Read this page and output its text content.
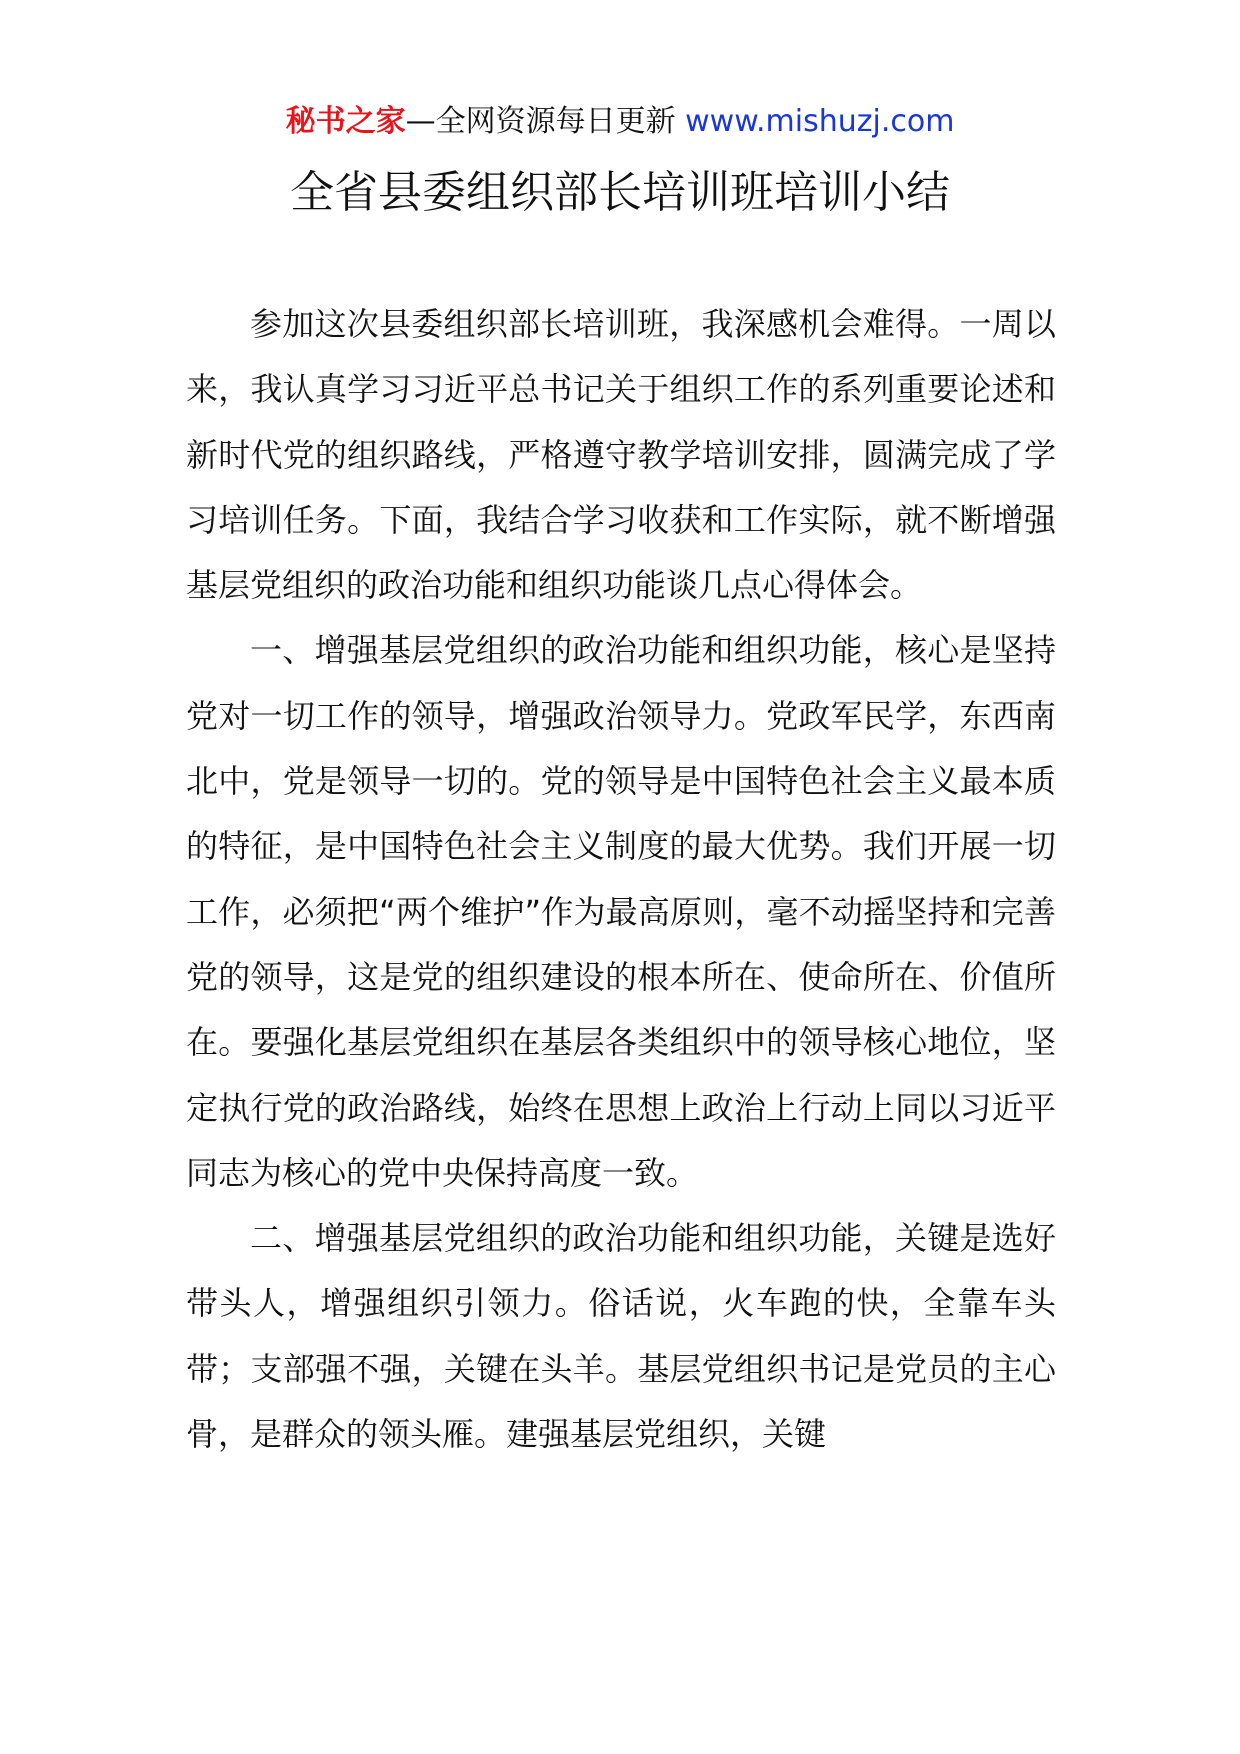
秘书之家—全网资源每日更新 www.mishuzj.com
全省县委组织部长培训班培训小结

参加这次县委组织部长培训班，我深感机会难得。一周以来，我认真学习习近平总书记关于组织工作的系列重要论述和新时代党的组织路线，严格遵守教学培训安排，圆满完成了学习培训任务。下面，我结合学习收获和工作实际，就不断增强基层党组织的政治功能和组织功能谈几点心得体会。

一、增强基层党组织的政治功能和组织功能，核心是坚持党对一切工作的领导，增强政治领导力。党政军民学，东西南北中，党是领导一切的。党的领导是中国特色社会主义最本质的特征，是中国特色社会主义制度的最大优势。我们开展一切工作，必须把“两个维护”作为最高原则，毫不动摇坚持和完善党的领导，这是党的组织建设的根本所在、使命所在、价值所在。要强化基层党组织在基层各类组织中的领导核心地位，坚定执行党的政治路线，始终在思想上政治上行动上同以习近平同志为核心的党中央保持高度一致。

二、增强基层党组织的政治功能和组织功能，关键是选好带头人，增强组织引领力。俗话说，火车跑的快，全靠车头带；支部强不强，关键在头羊。基层党组织书记是党员的主心骨，是群众的领头雁。建强基层党组织，关键
